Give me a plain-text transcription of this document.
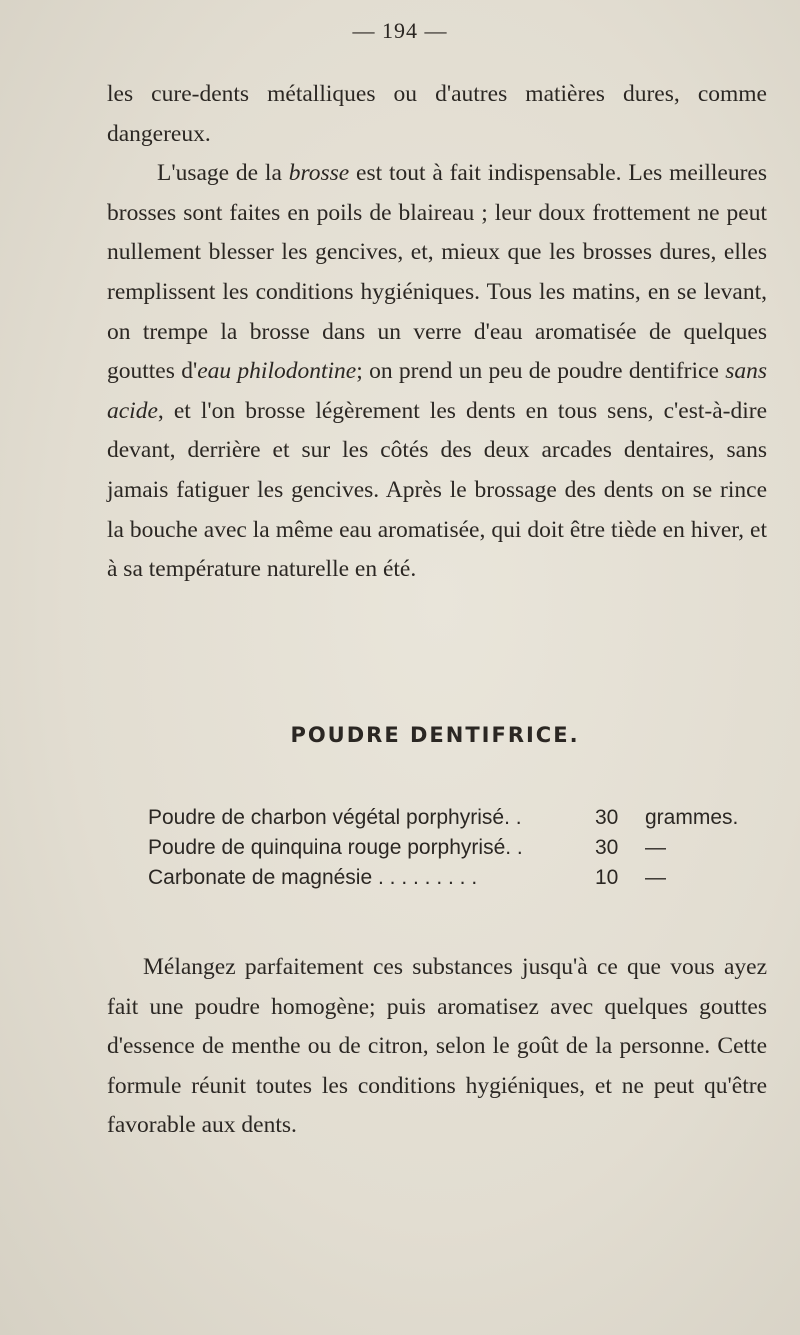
— 194 —

les cure-dents métalliques ou d'autres matières dures, comme dangereux.

L'usage de la brosse est tout à fait indispensable. Les meilleures brosses sont faites en poils de blaireau ; leur doux frottement ne peut nullement blesser les gencives, et, mieux que les brosses dures, elles remplissent les conditions hygiéniques. Tous les matins, en se levant, on trempe la brosse dans un verre d'eau aromatisée de quelques gouttes d'eau philodontine; on prend un peu de poudre dentifrice sans acide, et l'on brosse légèrement les dents en tous sens, c'est-à-dire devant, derrière et sur les côtés des deux arcades dentaires, sans jamais fatiguer les gencives. Après le brossage des dents on se rince la bouche avec la même eau aromatisée, qui doit être tiède en hiver, et à sa température naturelle en été.

POUDRE DENTIFRICE.
Poudre de charbon végétal porphyrisé. .	30	grammes.
Poudre de quinquina rouge porphyrisé. .	30	—
Carbonate de magnésie . . . . . . . . .	10	—

Mélangez parfaitement ces substances jusqu'à ce que vous ayez fait une poudre homogène; puis aromatisez avec quelques gouttes d'essence de menthe ou de citron, selon le goût de la personne. Cette formule réunit toutes les conditions hygiéniques, et ne peut qu'être favorable aux dents.
